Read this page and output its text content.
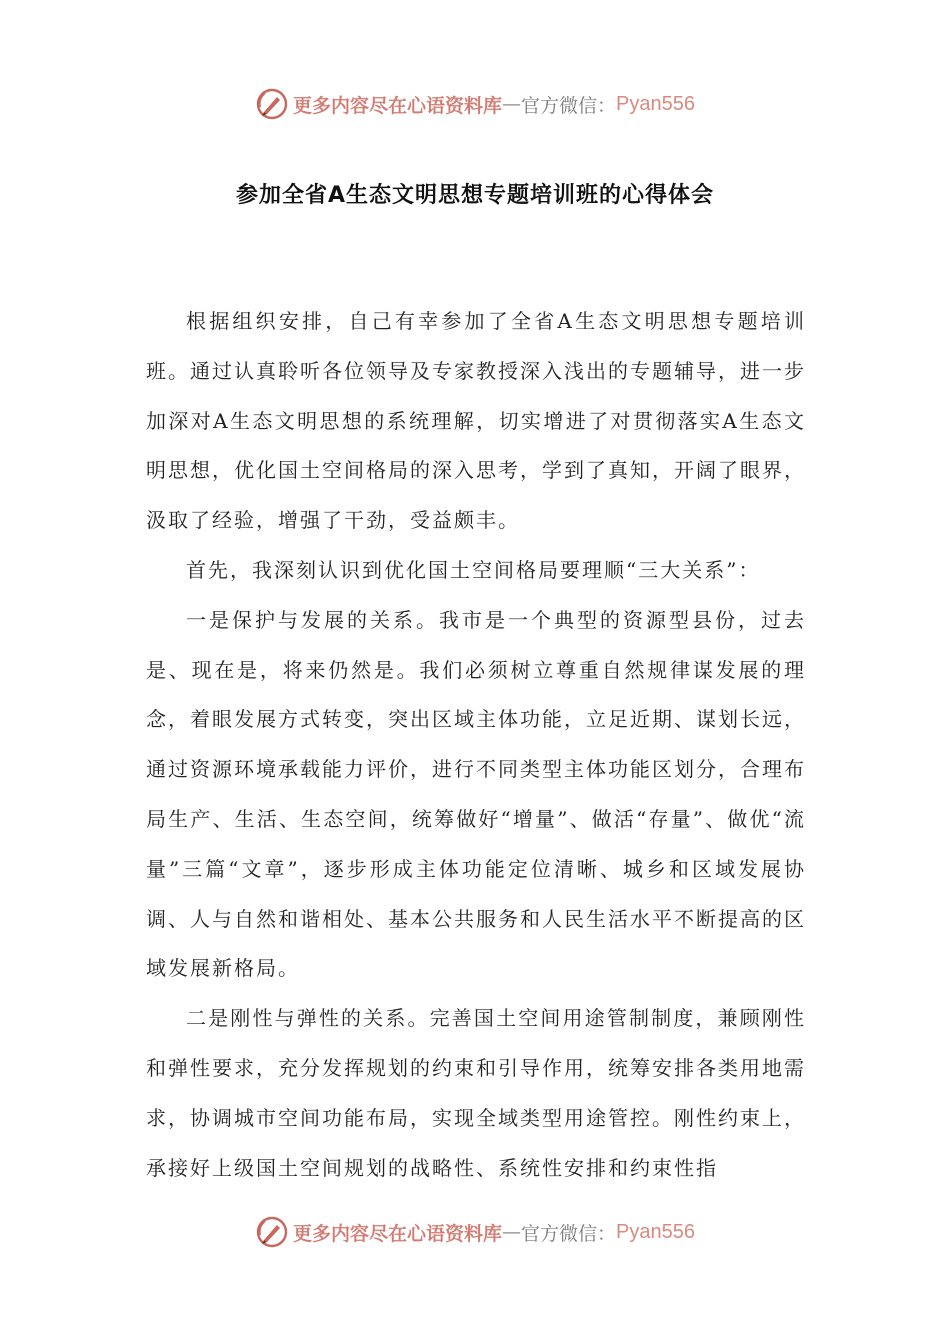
更多内容尽在心语资料库 — 官方微信： Pyan556
参加全省A生态文明思想专题培训班的心得体会

根据组织安排，自己有幸参加了全省A生态文明思想专题培训班。通过认真聆听各位领导及专家教授深入浅出的专题辅导，进一步加深对A生态文明思想的系统理解，切实增进了对贯彻落实A生态文明思想，优化国土空间格局的深入思考，学到了真知，开阔了眼界，汲取了经验，增强了干劲，受益颇丰。

首先，我深刻认识到优化国土空间格局要理顺“三大关系”：

一是保护与发展的关系。我市是一个典型的资源型县份，过去是、现在是，将来仍然是。我们必须树立尊重自然规律谋发展的理念，着眼发展方式转变，突出区域主体功能，立足近期、谋划长远，通过资源环境承载能力评价，进行不同类型主体功能区划分，合理布局生产、生活、生态空间，统筹做好“增量”、做活“存量”、做优“流量”三篇“文章”，逐步形成主体功能定位清晰、城乡和区域发展协调、人与自然和谐相处、基本公共服务和人民生活水平不断提高的区域发展新格局。

二是刚性与弹性的关系。完善国土空间用途管制制度，兼顾刚性和弹性要求，充分发挥规划的约束和引导作用，统筹安排各类用地需求，协调城市空间功能布局，实现全域类型用途管控。刚性约束上，承接好上级国土空间规划的战略性、系统性安排和约束性指

更多内容尽在心语资料库 — 官方微信： Pyan556
